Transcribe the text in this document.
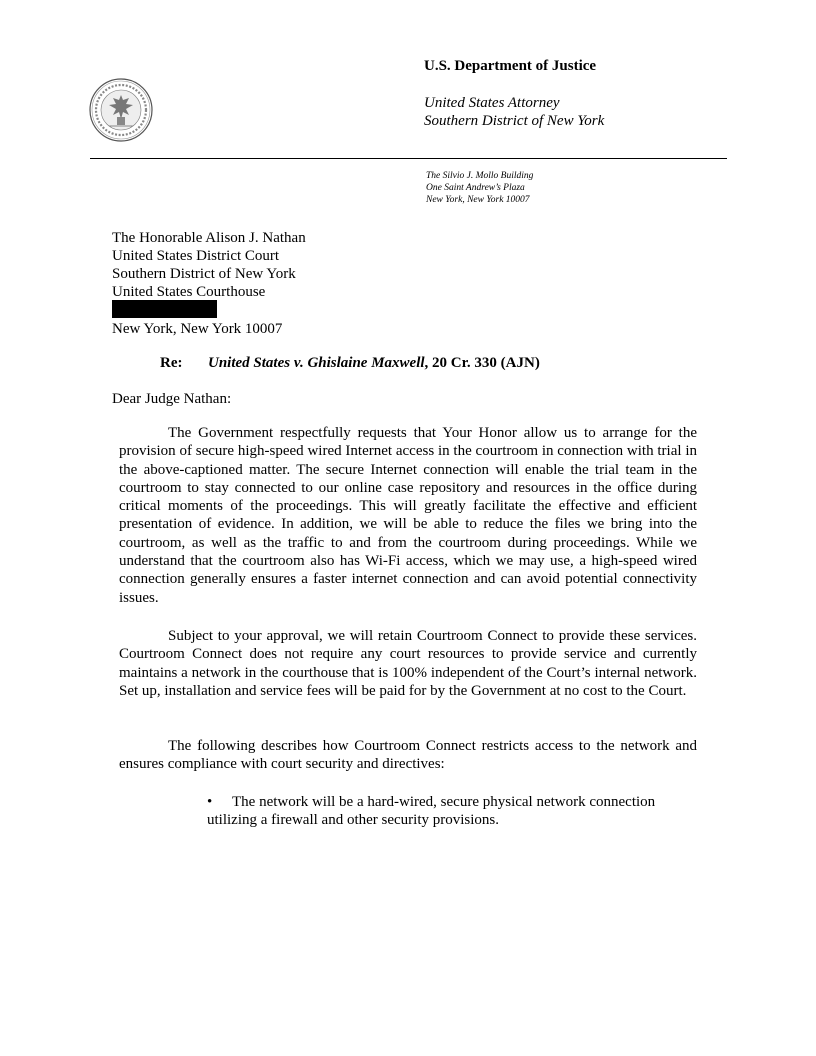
U.S. Department of Justice
United States Attorney
Southern District of New York
The Silvio J. Mollo Building
One Saint Andrew’s Plaza
New York, New York 10007
The Honorable Alison J. Nathan
United States District Court
Southern District of New York
United States Courthouse
New York, New York 10007
Re: United States v. Ghislaine Maxwell, 20 Cr. 330 (AJN)
Dear Judge Nathan:

The Government respectfully requests that Your Honor allow us to arrange for the provision of secure high-speed wired Internet access in the courtroom in connection with trial in the above-captioned matter. The secure Internet connection will enable the trial team in the courtroom to stay connected to our online case repository and resources in the office during critical moments of the proceedings. This will greatly facilitate the effective and efficient presentation of evidence. In addition, we will be able to reduce the files we bring into the courtroom, as well as the traffic to and from the courtroom during proceedings. While we understand that the courtroom also has Wi-Fi access, which we may use, a high-speed wired connection generally ensures a faster internet connection and can avoid potential connectivity issues.

Subject to your approval, we will retain Courtroom Connect to provide these services. Courtroom Connect does not require any court resources to provide service and currently maintains a network in the courthouse that is 100% independent of the Court’s internal network. Set up, installation and service fees will be paid for by the Government at no cost to the Court.

The following describes how Courtroom Connect restricts access to the network and ensures compliance with court security and directives:

• The network will be a hard-wired, secure physical network connection utilizing a firewall and other security provisions.
